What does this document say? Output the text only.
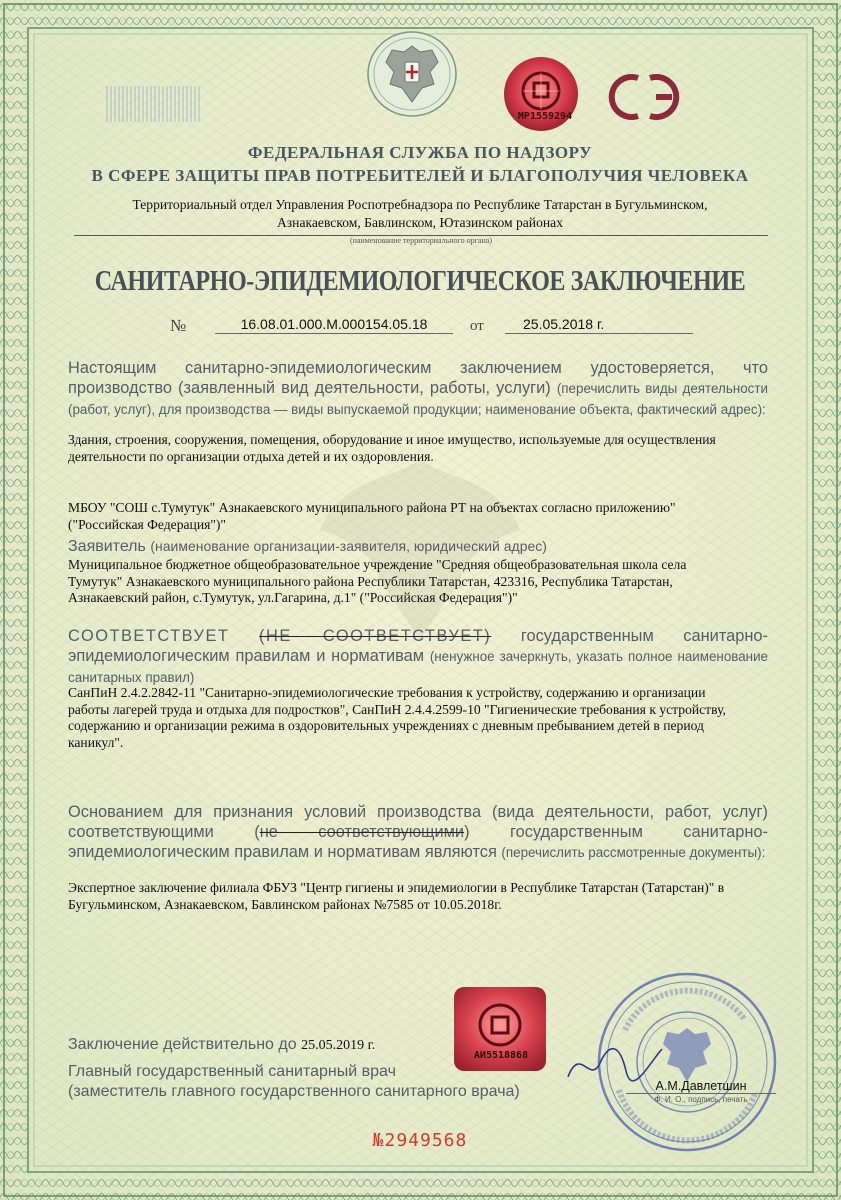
МР1559294
ФЕДЕРАЛЬНАЯ СЛУЖБА ПО НАДЗОРУ
В СФЕРЕ ЗАЩИТЫ ПРАВ ПОТРЕБИТЕЛЕЙ И БЛАГОПОЛУЧИЯ ЧЕЛОВЕКА
Территориальный отдел Управления Роспотребнадзора по Республике Татарстан в Бугульминском,
Азнакаевском, Бавлинском, Ютазинском районах
(наименование территориального органа)
САНИТАРНО-ЭПИДЕМИОЛОГИЧЕСКОЕ ЗАКЛЮЧЕНИЕ
№	16.08.01.000.М.000154.05.18	от	25.05.2018 г.
Настоящим санитарно-эпидемиологическим заключением удостоверяется, что производство (заявленный вид деятельности, работы, услуги) (перечислить виды деятельности (работ, услуг), для производства — виды выпускаемой продукции; наименование объекта, фактический адрес):
Здания, строения, сооружения, помещения, оборудование и иное имущество, используемые для осуществления
деятельности по организации отдыха детей и их оздоровления.
МБОУ "СОШ с.Тумутук" Азнакаевского муниципального района РТ на объектах согласно приложению"
("Российская Федерация")"
Заявитель (наименование организации-заявителя, юридический адрес)
Муниципальное бюджетное общеобразовательное учреждение "Средняя общеобразовательная школа села
Тумутук" Азнакаевского муниципального района Республики Татарстан, 423316, Республика Татарстан,
Азнакаевский район, с.Тумутук, ул.Гагарина, д.1" ("Российская Федерация")"
СООТВЕТСТВУЕТ (НЕ СООТВЕТСТВУЕТ) государственным санитарно-эпидемиологическим правилам и нормативам (ненужное зачеркнуть, указать полное наименование санитарных правил)
СанПиН 2.4.2.2842-11 "Санитарно-эпидемиологические требования к устройству, содержанию и организации
работы лагерей труда и отдыха для подростков", СанПиН 2.4.4.2599-10 "Гигиенические требования к устройству,
содержанию и организации режима в оздоровительных учреждениях с дневным пребыванием детей в период
каникул".
Основанием для признания условий производства (вида деятельности, работ, услуг) соответствующими (не соответствующими) государственным санитарно-эпидемиологическим правилам и нормативам являются (перечислить рассмотренные документы):
Экспертное заключение филиала ФБУЗ "Центр гигиены и эпидемиологии в Республике Татарстан (Татарстан)" в
Бугульминском, Азнакаевском, Бавлинском районах №7585 от 10.05.2018г.
АИ5518868
Заключение действительно до 25.05.2019 г.
Главный государственный санитарный врач
(заместитель главного государственного санитарного врача)	А.М.Давлетшин
Ф. И. О., подпись, печать
№2949568
